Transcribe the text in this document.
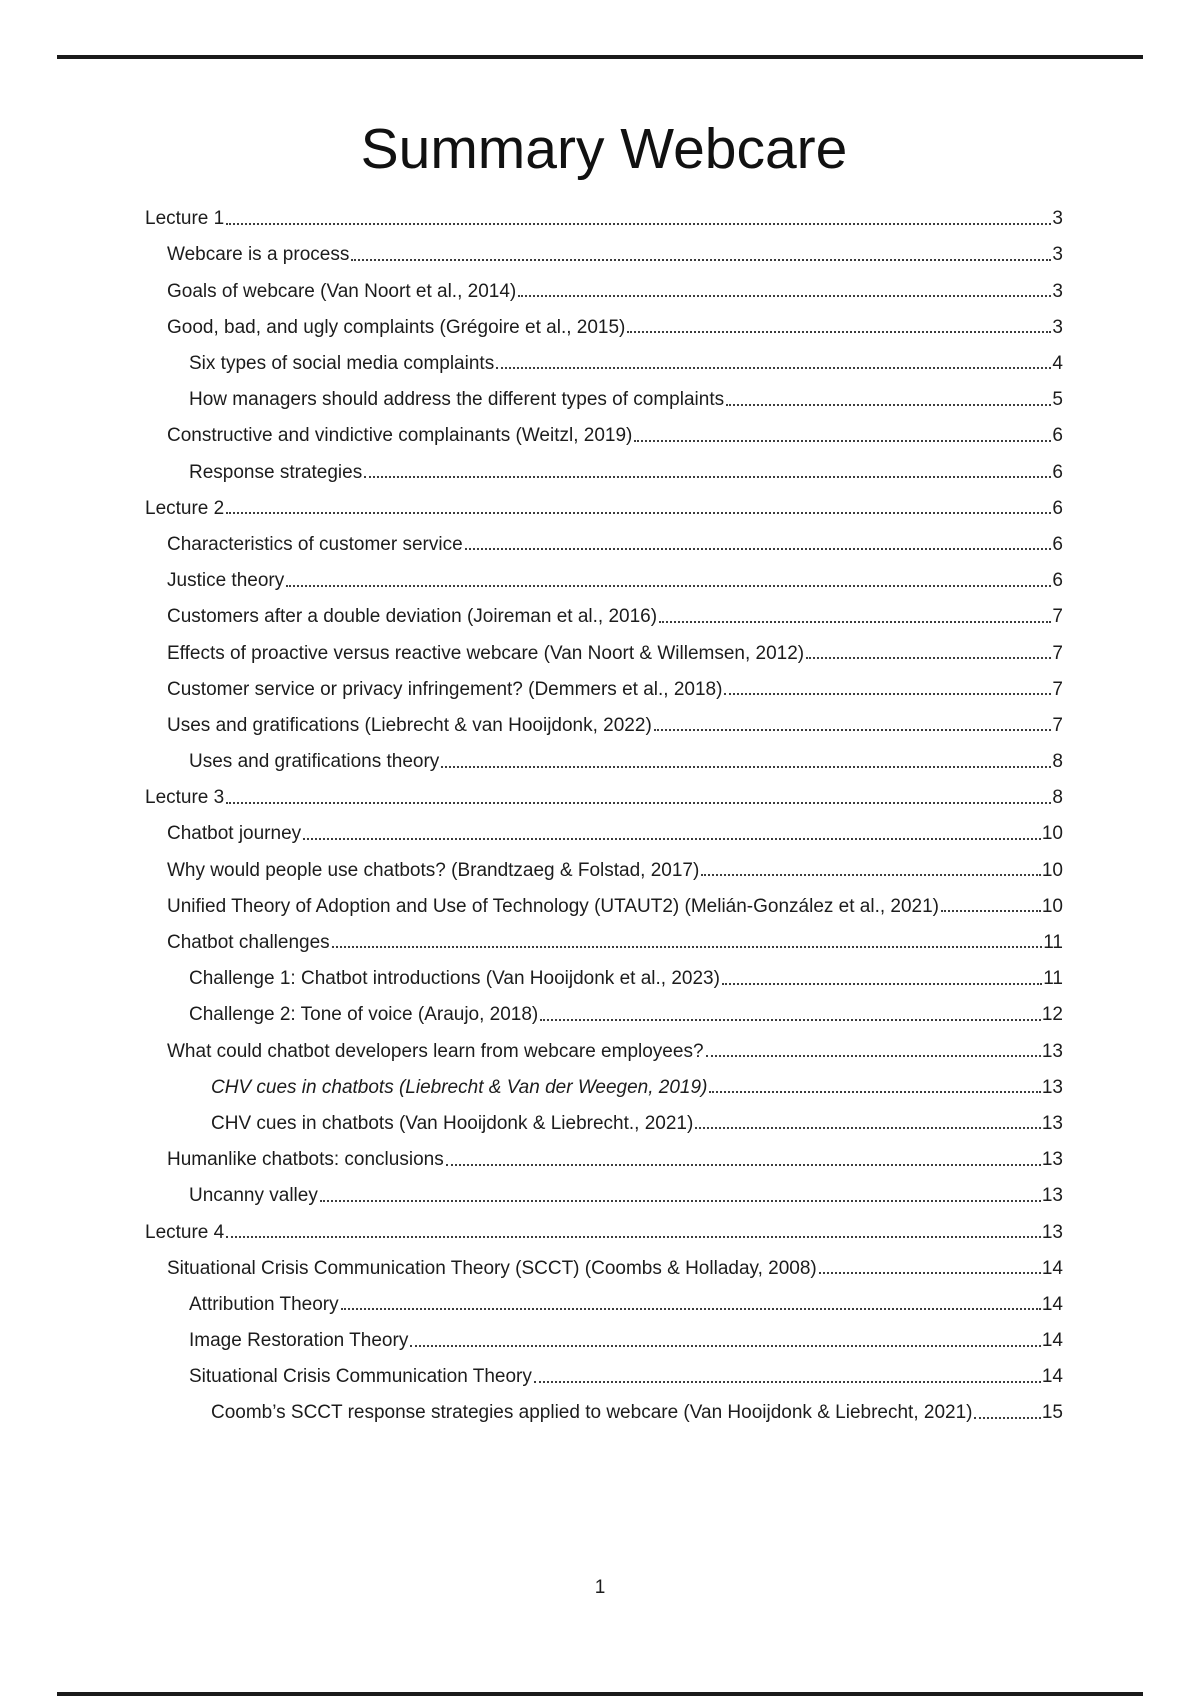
Summary Webcare
Lecture 1	3
Webcare is a process	3
Goals of webcare (Van Noort et al., 2014)	3
Good, bad, and ugly complaints (Grégoire et al., 2015)	3
Six types of social media complaints	4
How managers should address the different types of complaints	5
Constructive and vindictive complainants (Weitzl, 2019)	6
Response strategies	6
Lecture 2	6
Characteristics of customer service	6
Justice theory	6
Customers after a double deviation (Joireman et al., 2016)	7
Effects of proactive versus reactive webcare (Van Noort & Willemsen, 2012)	7
Customer service or privacy infringement? (Demmers et al., 2018)	7
Uses and gratifications (Liebrecht & van Hooijdonk, 2022)	7
Uses and gratifications theory	8
Lecture 3	8
Chatbot journey	10
Why would people use chatbots? (Brandtzaeg & Folstad, 2017)	10
Unified Theory of Adoption and Use of Technology (UTAUT2) (Melián-González et al., 2021)	10
Chatbot challenges	11
Challenge 1: Chatbot introductions (Van Hooijdonk et al., 2023)	11
Challenge 2: Tone of voice (Araujo, 2018)	12
What could chatbot developers learn from webcare employees?	13
CHV cues in chatbots (Liebrecht & Van der Weegen, 2019)	13
CHV cues in chatbots (Van Hooijdonk & Liebrecht., 2021)	13
Humanlike chatbots: conclusions	13
Uncanny valley	13
Lecture 4	13
Situational Crisis Communication Theory (SCCT) (Coombs & Holladay, 2008)	14
Attribution Theory	14
Image Restoration Theory	14
Situational Crisis Communication Theory	14
Coomb’s SCCT response strategies applied to webcare (Van Hooijdonk & Liebrecht, 2021)	15
1
